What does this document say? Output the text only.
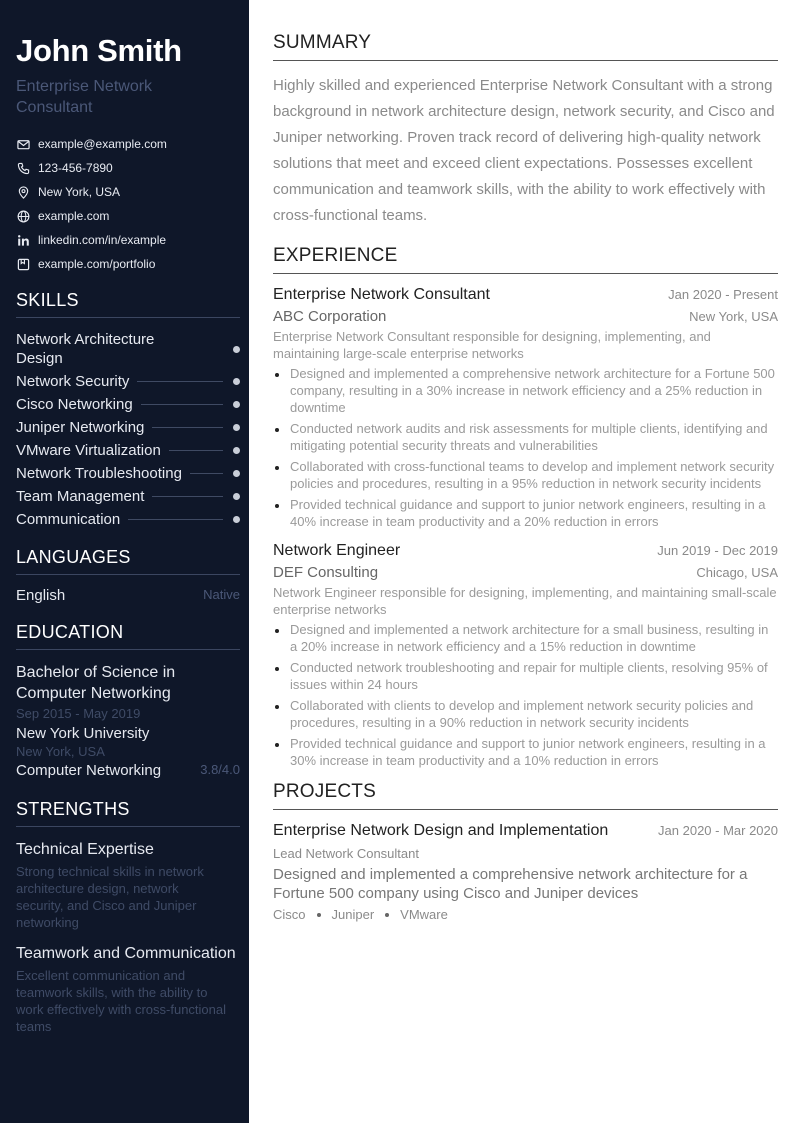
John Smith
Enterprise Network Consultant
example@example.com
123-456-7890
New York, USA
example.com
linkedin.com/in/example
example.com/portfolio
SKILLS
Network Architecture Design
Network Security
Cisco Networking
Juniper Networking
VMware Virtualization
Network Troubleshooting
Team Management
Communication
LANGUAGES
English	Native
EDUCATION
Bachelor of Science in Computer Networking
Sep 2015 - May 2019
New York University
New York, USA
Computer Networking	3.8/4.0
STRENGTHS
Technical Expertise
Strong technical skills in network architecture design, network security, and Cisco and Juniper networking
Teamwork and Communication
Excellent communication and teamwork skills, with the ability to work effectively with cross-functional teams
SUMMARY

Highly skilled and experienced Enterprise Network Consultant with a strong background in network architecture design, network security, and Cisco and Juniper networking. Proven track record of delivering high-quality network solutions that meet and exceed client expectations. Possesses excellent communication and teamwork skills, with the ability to work effectively with cross-functional teams.

EXPERIENCE
Enterprise Network Consultant	Jan 2020 - Present
ABC Corporation	New York, USA
Enterprise Network Consultant responsible for designing, implementing, and maintaining large-scale enterprise networks
Designed and implemented a comprehensive network architecture for a Fortune 500 company, resulting in a 30% increase in network efficiency and a 25% reduction in downtime
Conducted network audits and risk assessments for multiple clients, identifying and mitigating potential security threats and vulnerabilities
Collaborated with cross-functional teams to develop and implement network security policies and procedures, resulting in a 95% reduction in network security incidents
Provided technical guidance and support to junior network engineers, resulting in a 40% increase in team productivity and a 20% reduction in errors
Network Engineer	Jun 2019 - Dec 2019
DEF Consulting	Chicago, USA
Network Engineer responsible for designing, implementing, and maintaining small-scale enterprise networks
Designed and implemented a network architecture for a small business, resulting in a 20% increase in network efficiency and a 15% reduction in downtime
Conducted network troubleshooting and repair for multiple clients, resolving 95% of issues within 24 hours
Collaborated with clients to develop and implement network security policies and procedures, resulting in a 90% reduction in network security incidents
Provided technical guidance and support to junior network engineers, resulting in a 30% increase in team productivity and a 10% reduction in errors
PROJECTS
Enterprise Network Design and Implementation	Jan 2020 - Mar 2020
Lead Network Consultant
Designed and implemented a comprehensive network architecture for a Fortune 500 company using Cisco and Juniper devices
Cisco Juniper VMware
